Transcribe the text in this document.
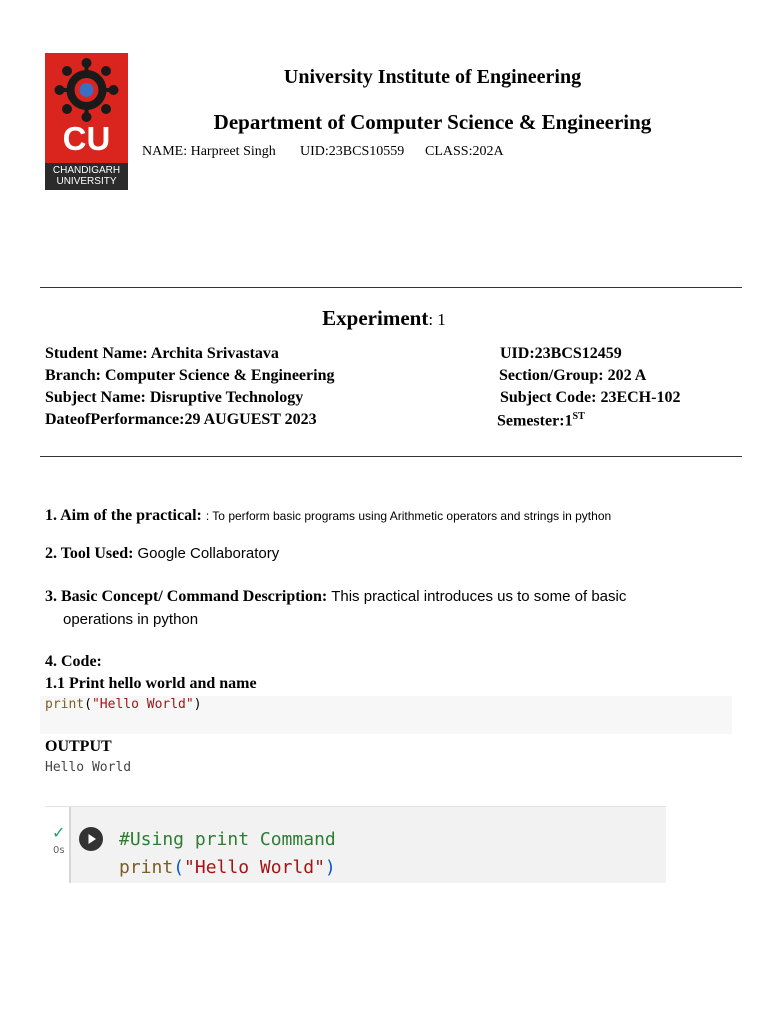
CU
CHANDIGARH
UNIVERSITY
University Institute of Engineering
Department of Computer Science & Engineering
NAME: Harpreet Singh UID:23BCS10559 CLASS:202A
Experiment: 1
Student Name: Archita Srivastava	UID:23BCS12459
Branch: Computer Science & Engineering	Section/Group: 202 A
Subject Name: Disruptive Technology	Subject Code: 23ECH-102
DateofPerformance:29 AUGUEST 2023	Semester:1ST
1. Aim of the practical: : To perform basic programs using Arithmetic operators and strings in python
2. Tool Used: Google Collaboratory
3. Basic Concept/ Command Description: This practical introduces us to some of basic
operations in python
4. Code:
1.1 Print hello world and name
print("Hello World")
OUTPUT
Hello World
✓
0s
#Using print Command
print("Hello World")
